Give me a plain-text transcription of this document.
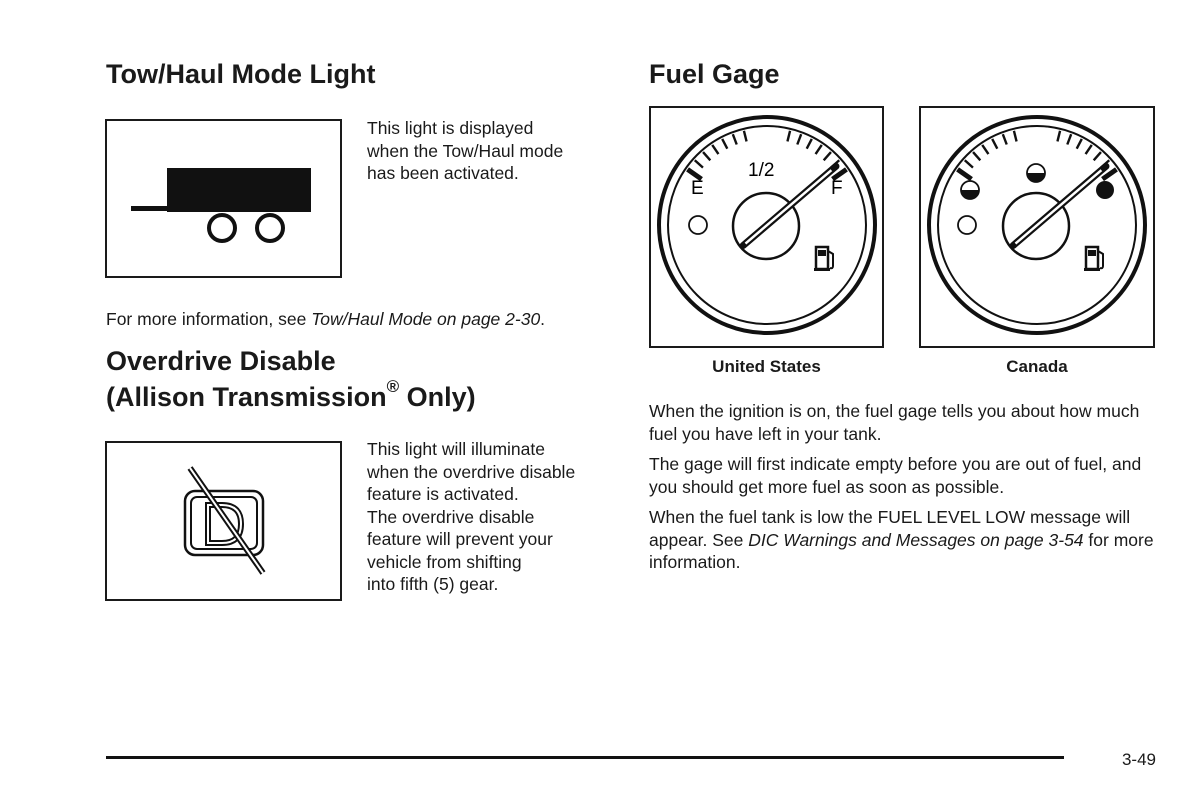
Tow/Haul Mode Light
This light is displayed
when the Tow/Haul mode
has been activated.
For more information, see Tow/Haul Mode on page 2-30.
Overdrive Disable
(Allison Transmission® Only)
This light will illuminate
when the overdrive disable
feature is activated.
The overdrive disable
feature will prevent your
vehicle from shifting
into fifth (5) gear.
Fuel Gage
E
1/2
F
United States	Canada

When the ignition is on, the fuel gage tells you about how much fuel you have left in your tank.

The gage will first indicate empty before you are out of fuel, and you should get more fuel as soon as possible.

When the fuel tank is low the FUEL LEVEL LOW message will appear. See DIC Warnings and Messages on page 3-54 for more information.

3-49
